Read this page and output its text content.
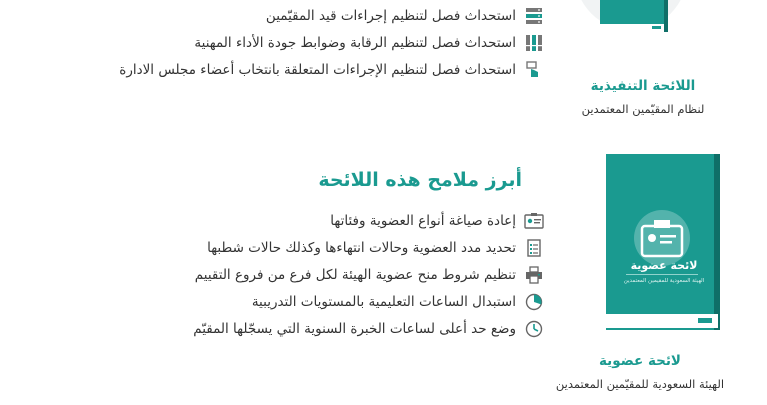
استحداث فصل لتنظيم إجراءات قيد المقيّمين
استحداث فصل لتنظيم الرقابة وضوابط جودة الأداء المهنية
استحداث فصل لتنظيم الإجراءات المتعلقة بانتخاب أعضاء مجلس الادارة
اللائحة التنفيذية
لنظام المقيّمين المعتمدين
أبرز ملامح هذه اللائحة
إعادة صياغة أنواع العضوية وفئاتها
تحديد مدد العضوية وحالات انتهاءها وكذلك حالات شطبها
تنظيم شروط منح عضوية الهيئة لكل فرع من فروع التقييم
استبدال الساعات التعليمية بالمستويات التدريبية
وضع حد أعلى لساعات الخبرة السنوية التي يسجّلها المقيّم
لائحة عضوية
الهيئة السعودية للمقيمين المعتمدين
لائحة عضوية
الهيئة السعودية للمقيّمين المعتمدين
